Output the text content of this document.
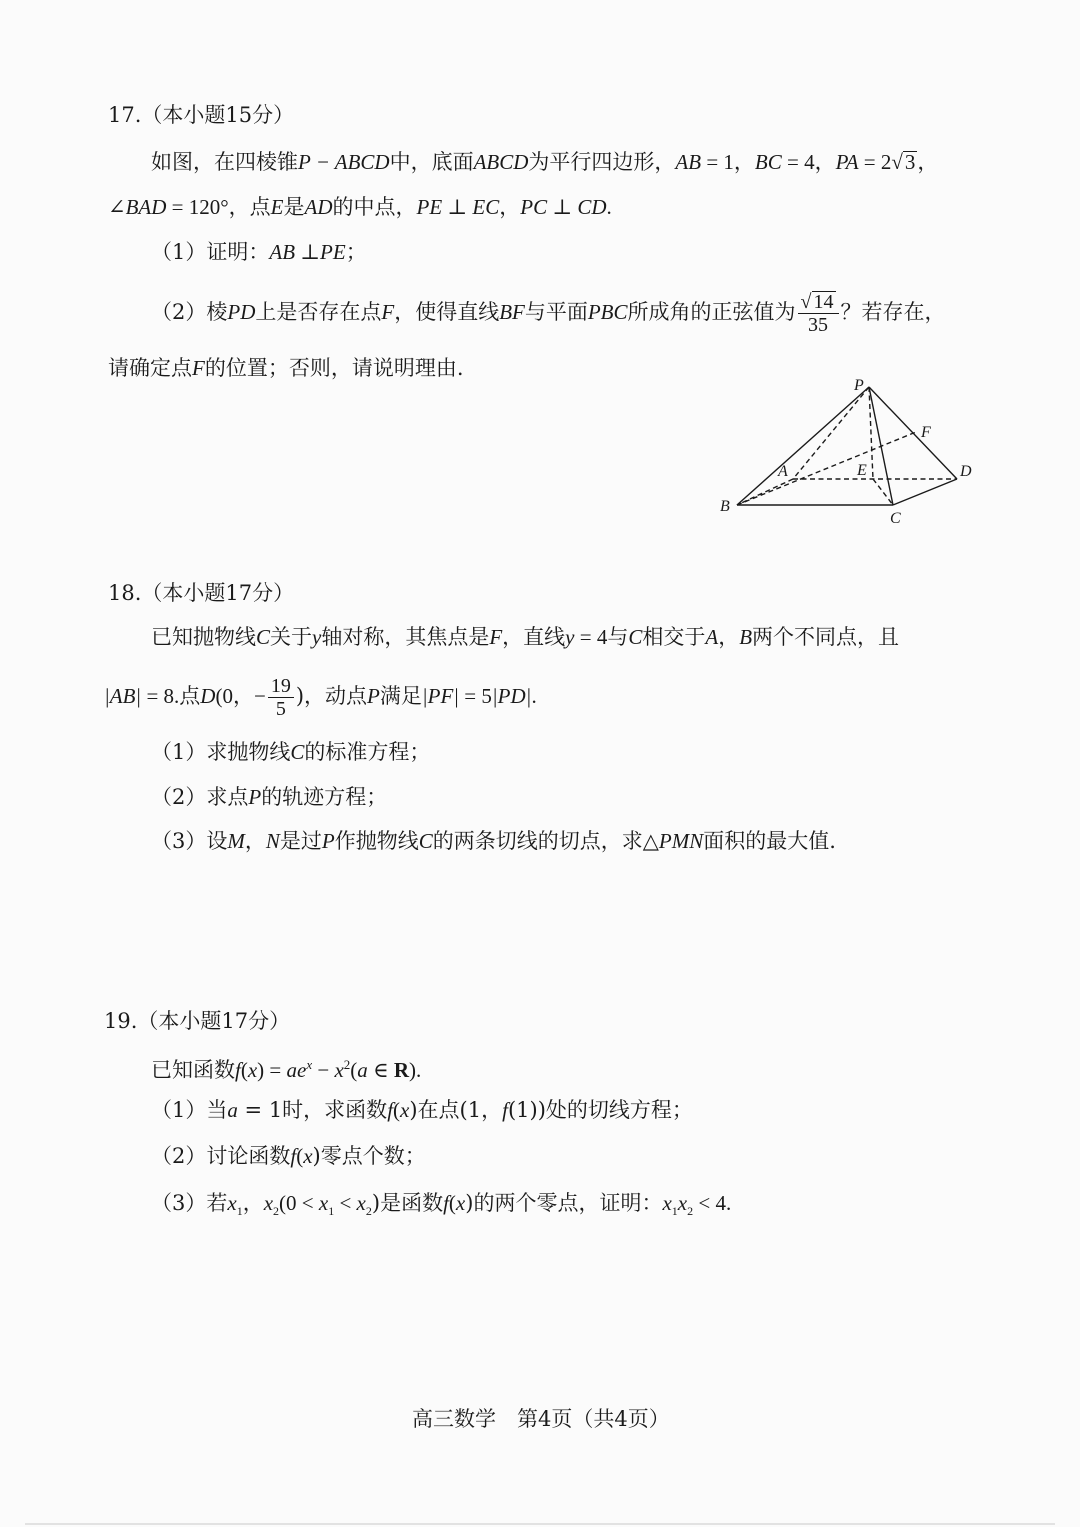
17.（本小题15分）
如图，在四棱锥P − ABCD中，底面ABCD为平行四边形，AB = 1，BC = 4，PA = 2√3，
∠BAD = 120°，点E是AD的中点，PE ⊥ EC，PC ⊥ CD.
（1）证明：AB ⊥PE；
（2）棱PD上是否存在点F，使得直线BF与平面PBC所成角的正弦值为 $\frac{√ 14}{35}$ ？若存在，
请确定点F的位置；否则，请说明理由.
P
F
A	E	D
B
C
18.（本小题17分）
已知抛物线C关于y轴对称，其焦点是F，直线y = 4与C相交于A，B两个不同点，且
|AB| = 8.点D(0，− $\frac{19}{5}$ )，动点P满足|PF| = 5|PD|.
（1）求抛物线C的标准方程；
（2）求点P的轨迹方程；
（3）设M，N是过P作抛物线C的两条切线的切点，求△PMN面积的最大值.
19.（本小题17分）
已知函数$f(x) = ae^x - x^2(a$ ∈ R).
（1）当a = 1时，求函数f(x)在点(1，f(1))处的切线方程；
（2）讨论函数f(x)零点个数；
（3）若$x_1$，$x_2(0 < x_1 < x_2)$是函数f(x)的两个零点，证明：$x_1x_2 < 4$.
高三数学　第4页（共4页）
